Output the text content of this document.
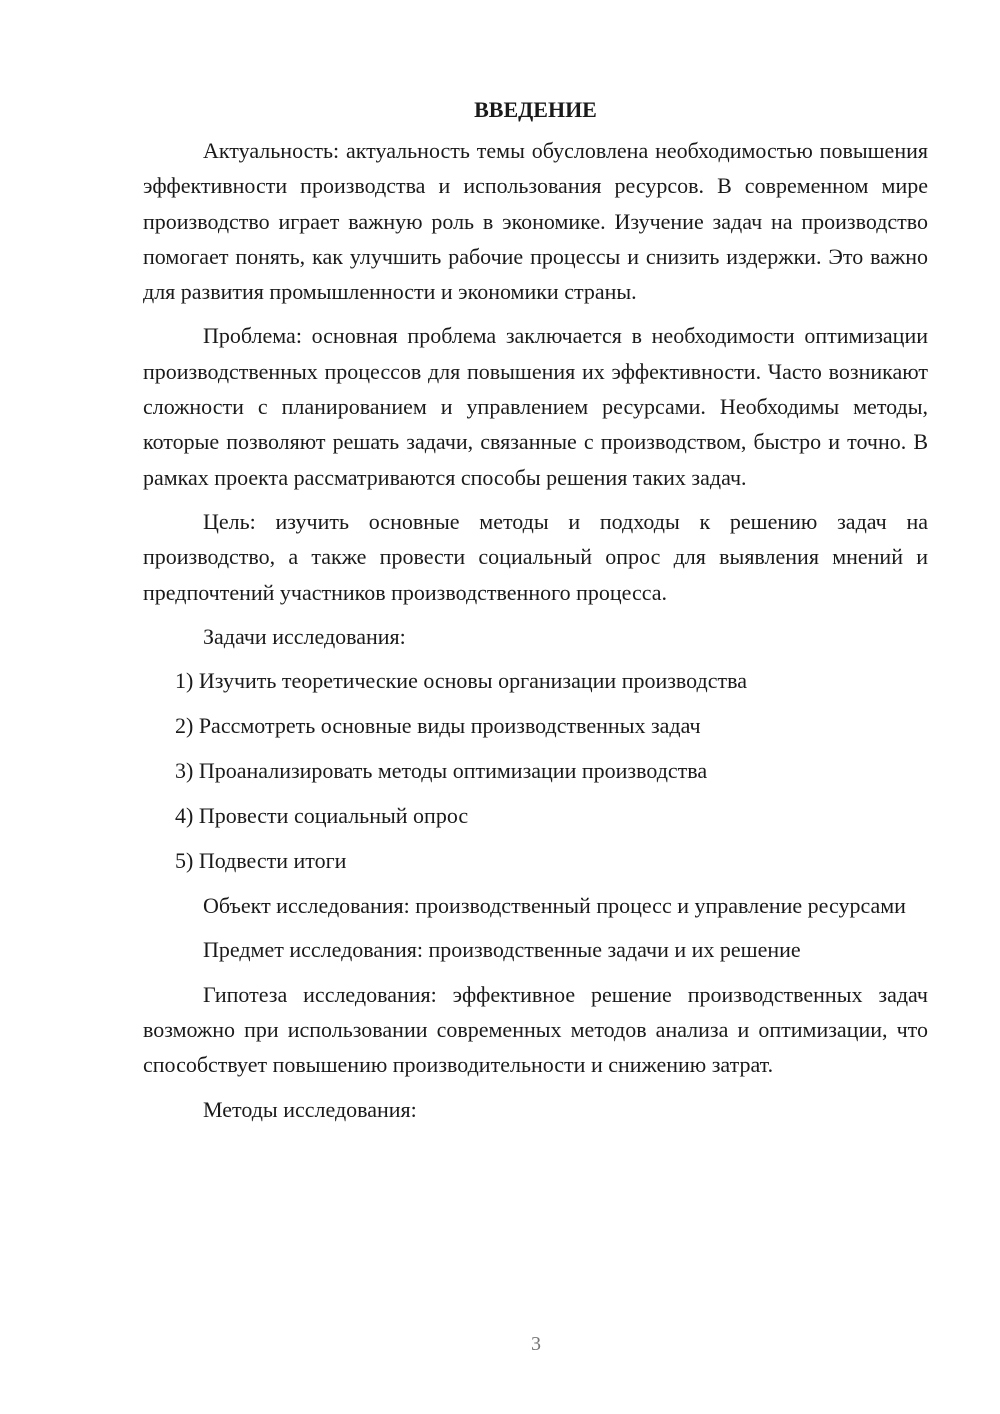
ВВЕДЕНИЕ

Актуальность: актуальность темы обусловлена необходимостью повышения эффективности производства и использования ресурсов. В современном мире производство играет важную роль в экономике. Изучение задач на производство помогает понять, как улучшить рабочие процессы и снизить издержки. Это важно для развития промышленности и экономики страны.

Проблема: основная проблема заключается в необходимости оптимизации производственных процессов для повышения их эффективности. Часто возникают сложности с планированием и управлением ресурсами. Необходимы методы, которые позволяют решать задачи, связанные с производством, быстро и точно. В рамках проекта рассматриваются способы решения таких задач.

Цель: изучить основные методы и подходы к решению задач на производство, а также провести социальный опрос для выявления мнений и предпочтений участников производственного процесса.

Задачи исследования:

1) Изучить теоретические основы организации производства
2) Рассмотреть основные виды производственных задач
3) Проанализировать методы оптимизации производства
4) Провести социальный опрос
5) Подвести итоги

Объект исследования: производственный процесс и управление ресурсами

Предмет исследования: производственные задачи и их решение

Гипотеза исследования: эффективное решение производственных задач возможно при использовании современных методов анализа и оптимизации, что способствует повышению производительности и снижению затрат.

Методы исследования:

3
